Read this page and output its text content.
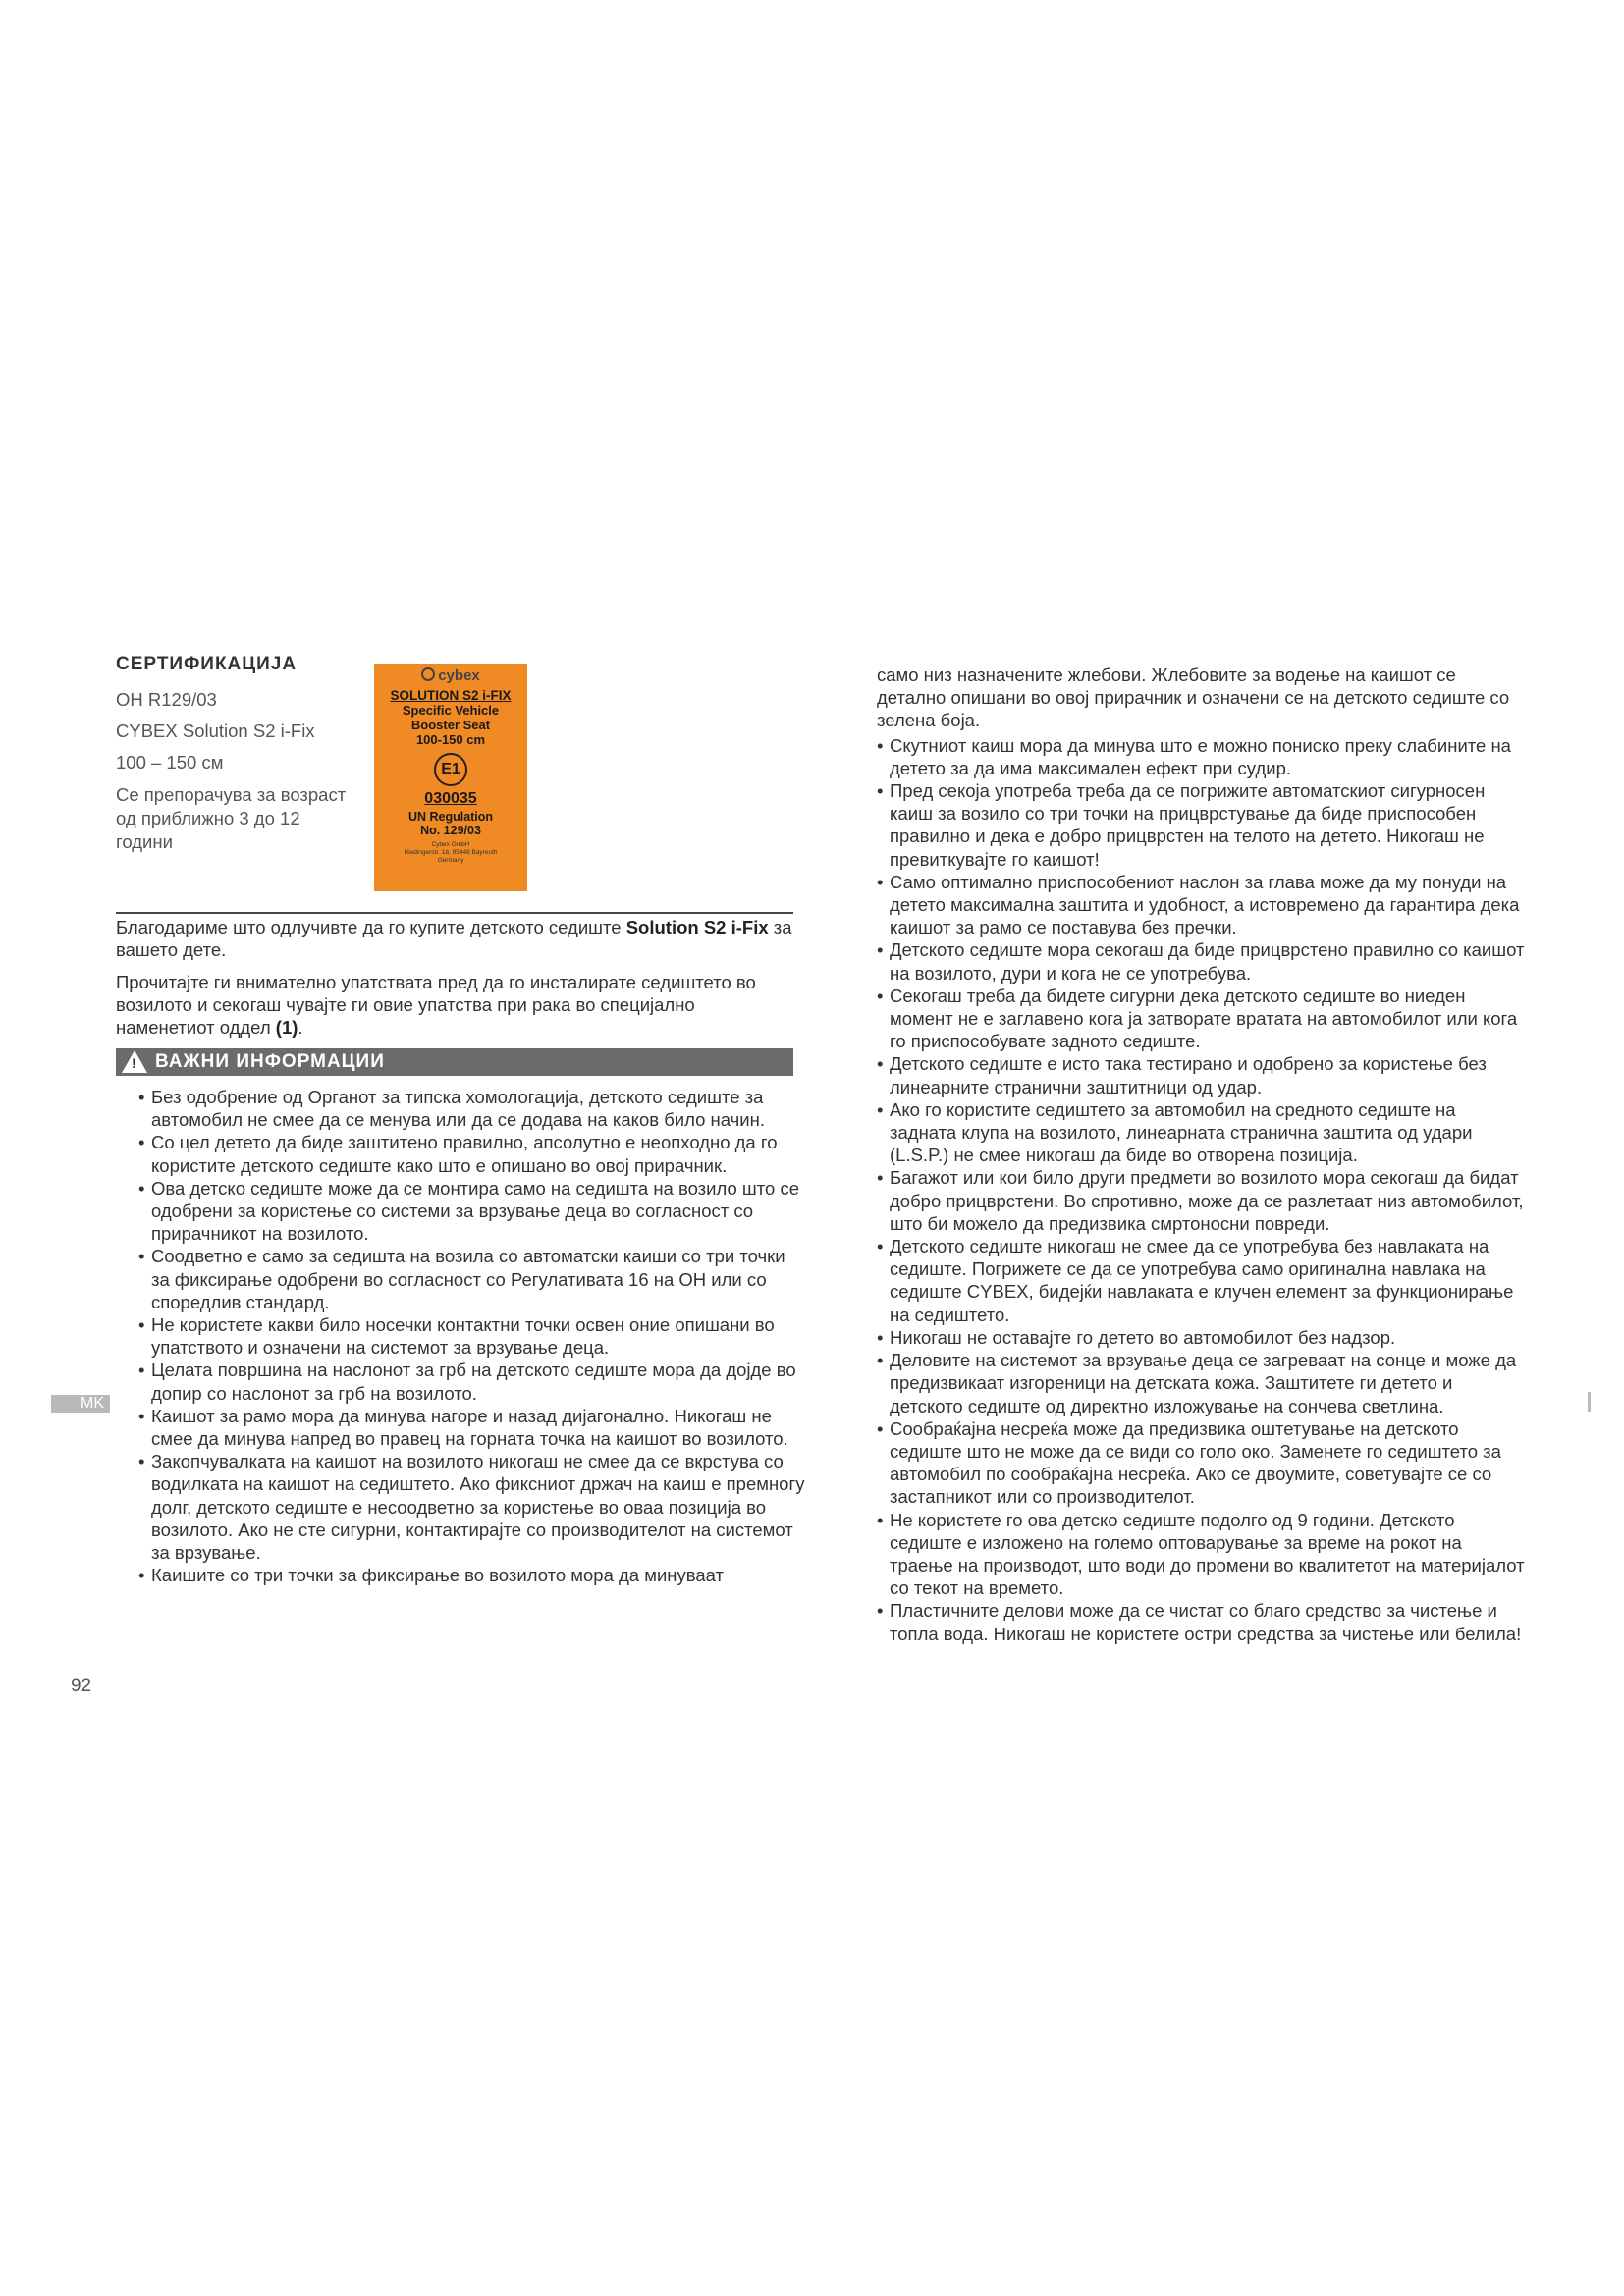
СЕРТИФИКАЦИЈА
ОН R129/03
CYBEX Solution S2 i-Fix
100 – 150 см
Се препорачува за возраст од приближно 3 до 12 години
cybex
SOLUTION S2 i-FIX
Specific Vehicle
Booster Seat
100-150 cm
E1
030035
UN Regulation
No. 129/03
Cybex GmbH
Riedingerstr. 18, 95448 Bayreuth
Germany

Благодариме што одлучивте да го купите детското седиште Solution S2 i-Fix за вашето дете.

Прочитајте ги внимателно упатствата пред да го инсталирате седиштето во возилото и секогаш чувајте ги овие упатства при рака во специјално наменетиот оддел (1).

! ВАЖНИ ИНФОРМАЦИИ
• Без одобрение од Органот за типска хомологација, детското седиште за автомобил не смее да се менува или да се додава на каков било начин.
• Со цел детето да биде заштитено правилно, апсолутно е неопходно да го користите детското седиште како што е опишано во овој прирачник.
• Ова детско седиште може да се монтира само на седишта на возило што се одобрени за користење со системи за врзување деца во согласност со прирачникот на возилото.
• Соодветно е само за седишта на возила со автоматски каиши со три точки за фиксирање одобрени во согласност со Регулативата 16 на ОН или со споредлив стандард.
• Не користете какви било носечки контактни точки освен оние опишани во упатството и означени на системот за врзување деца.
• Целата површина на наслонот за грб на детското седиште мора да дојде во допир со наслонот за грб на возилото.
• Каишот за рамо мора да минува нагоре и назад дијагонално. Никогаш не смее да минува напред во правец на горната точка на каишот во возилото.
• Закопчувалката на каишот на возилото никогаш не смее да се вкрстува со водилката на каишот на седиштето. Ако фиксниот држач на каиш е премногу долг, детското седиште е несоодветно за користење во оваа позиција во возилото. Ако не сте сигурни, контактирајте со производителот на системот за врзување.
• Каишите со три точки за фиксирање во возилото мора да минуваат

само низ назначените жлебови. Жлебовите за водење на каишот се детално опишани во овој прирачник и означени се на детското седиште со зелена боја.

• Скутниот каиш мора да минува што е можно пониско преку слабините на детето за да има максимален ефект при судир.
• Пред секоја употреба треба да се погрижите автоматскиот сигурносен каиш за возило со три точки на прицврстување да биде приспособен правилно и дека е добро прицврстен на телото на детето. Никогаш не превиткувајте го каишот!
• Само оптимално приспособениот наслон за глава може да му понуди на детето максимална заштита и удобност, а истовремено да гарантира дека каишот за рамо се поставува без пречки.
• Детското седиште мора секогаш да биде прицврстено правилно со каишот на возилото, дури и кога не се употребува.
• Секогаш треба да бидете сигурни дека детското седиште во ниеден момент не е заглавено кога ја затворате вратата на автомобилот или кога го приспособувате задното седиште.
• Детското седиште е исто така тестирано и одобрено за користење без линеарните странични заштитници од удар.
• Ако го користите седиштето за автомобил на средното седиште на задната клупа на возилото, линеарната странична заштита од удари (L.S.P.) не смее никогаш да биде во отворена позиција.
• Багажот или кои било други предмети во возилото мора секогаш да бидат добро прицврстени. Во спротивно, може да се разлетаат низ автомобилот, што би можело да предизвика смртоносни повреди.
• Детското седиште никогаш не смее да се употребува без навлаката на седиште. Погрижете се да се употребува само оригинална навлака на седиште CYBEX, бидејќи навлаката е клучен елемент за функционирање на седиштето.
• Никогаш не оставајте го детето во автомобилот без надзор.
• Деловите на системот за врзување деца се загреваат на сонце и може да предизвикаат изгореници на детската кожа. Заштитете ги детето и детското седиште од директно изложување на сончева светлина.
• Сообраќајна несреќа може да предизвика оштетување на детското седиште што не може да се види со голо око. Заменете го седиштето за автомобил по сообраќајна несреќа. Ако се двоумите, советувајте се со застапникот или со производителот.
• Не користете го ова детско седиште подолго од 9 години. Детското седиште е изложено на големо оптоварување за време на рокот на траење на производот, што води до промени во квалитетот на материјалот со текот на времето.
• Пластичните делови може да се чистат со благо средство за чистење и топла вода. Никогаш не користете остри средства за чистење или белила!
MK
92
